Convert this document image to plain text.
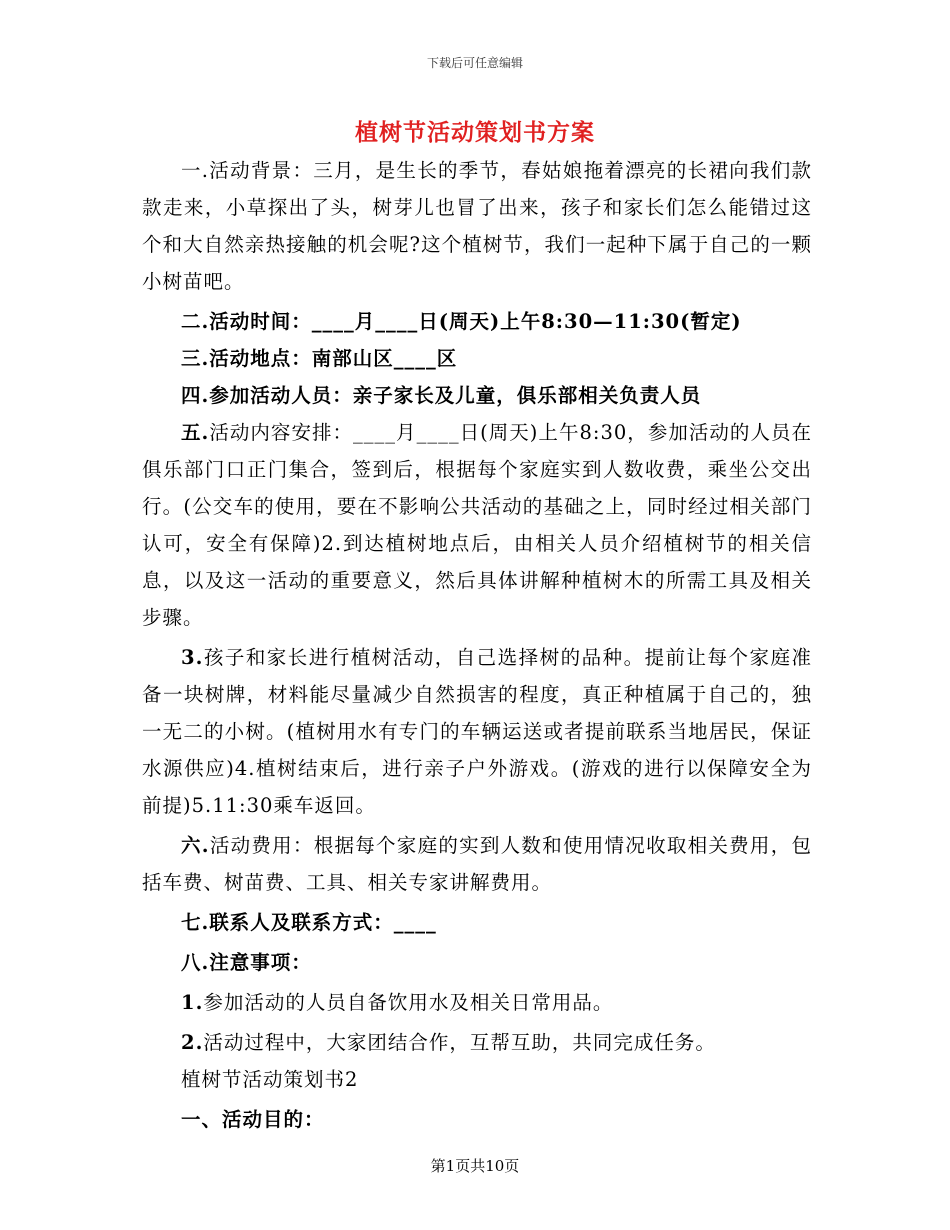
下载后可任意编辑
植树节活动策划书方案

一.活动背景：三月，是生长的季节，春姑娘拖着漂亮的长裙向我们款款走来，小草探出了头，树芽儿也冒了出来，孩子和家长们怎么能错过这个和大自然亲热接触的机会呢?这个植树节，我们一起种下属于自己的一颗小树苗吧。

二.活动时间：____月____日(周天)上午8:30—11:30(暂定)

三.活动地点：南部山区____区

四.参加活动人员：亲子家长及儿童，俱乐部相关负责人员

五.活动内容安排：____月____日(周天)上午8:30，参加活动的人员在俱乐部门口正门集合，签到后，根据每个家庭实到人数收费，乘坐公交出行。(公交车的使用，要在不影响公共活动的基础之上，同时经过相关部门认可，安全有保障)2.到达植树地点后，由相关人员介绍植树节的相关信息，以及这一活动的重要意义，然后具体讲解种植树木的所需工具及相关步骤。

3.孩子和家长进行植树活动，自己选择树的品种。提前让每个家庭准备一块树牌，材料能尽量减少自然损害的程度，真正种植属于自己的，独一无二的小树。(植树用水有专门的车辆运送或者提前联系当地居民，保证水源供应)4.植树结束后，进行亲子户外游戏。(游戏的进行以保障安全为前提)5.11:30乘车返回。

六.活动费用：根据每个家庭的实到人数和使用情况收取相关费用，包括车费、树苗费、工具、相关专家讲解费用。

七.联系人及联系方式：____

八.注意事项：

1.参加活动的人员自备饮用水及相关日常用品。

2.活动过程中，大家团结合作，互帮互助，共同完成任务。

植树节活动策划书2

一、活动目的：

第1页共10页
